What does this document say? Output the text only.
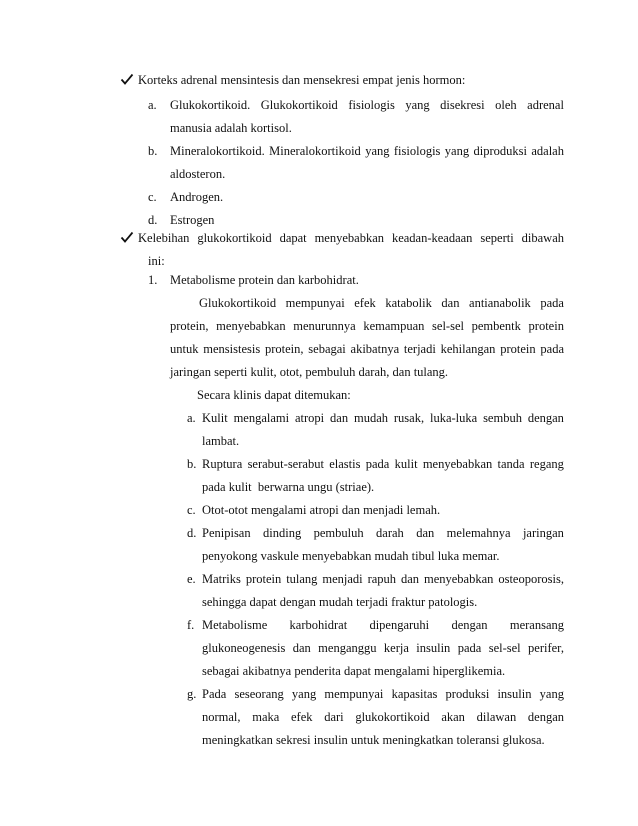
Korteks adrenal mensintesis dan mensekresi empat jenis hormon:
a. Glukokortikoid. Glukokortikoid fisiologis yang disekresi oleh adrenal
manusia adalah kortisol.
b. Mineralokortikoid. Mineralokortikoid yang fisiologis yang diproduksi adalah
aldosteron.
c. Androgen.
d. Estrogen
Kelebihan glukokortikoid dapat menyebabkan keadan-keadaan seperti dibawah
ini:
1. Metabolisme protein dan karbohidrat.
Glukokortikoid mempunyai efek katabolik dan antianabolik pada
protein, menyebabkan menurunnya kemampuan sel-sel pembentk protein
untuk mensistesis protein, sebagai akibatnya terjadi kehilangan protein pada
jaringan seperti kulit, otot, pembuluh darah, dan tulang.
Secara klinis dapat ditemukan:
a. Kulit mengalami atropi dan mudah rusak, luka-luka sembuh dengan
lambat.
b. Ruptura serabut-serabut elastis pada kulit menyebabkan tanda regang
pada kulit  berwarna ungu (striae).
c. Otot-otot mengalami atropi dan menjadi lemah.
d. Penipisan dinding pembuluh darah dan melemahnya jaringan
penyokong vaskule menyebabkan mudah tibul luka memar.
e. Matriks protein tulang menjadi rapuh dan menyebabkan osteoporosis,
sehingga dapat dengan mudah terjadi fraktur patologis.
f. Metabolisme karbohidrat dipengaruhi dengan meransang
glukoneogenesis dan menganggu kerja insulin pada sel-sel perifer,
sebagai akibatnya penderita dapat mengalami hiperglikemia.
g. Pada seseorang yang mempunyai kapasitas produksi insulin yang
normal, maka efek dari glukokortikoid akan dilawan dengan
meningkatkan sekresi insulin untuk meningkatkan toleransi glukosa.
